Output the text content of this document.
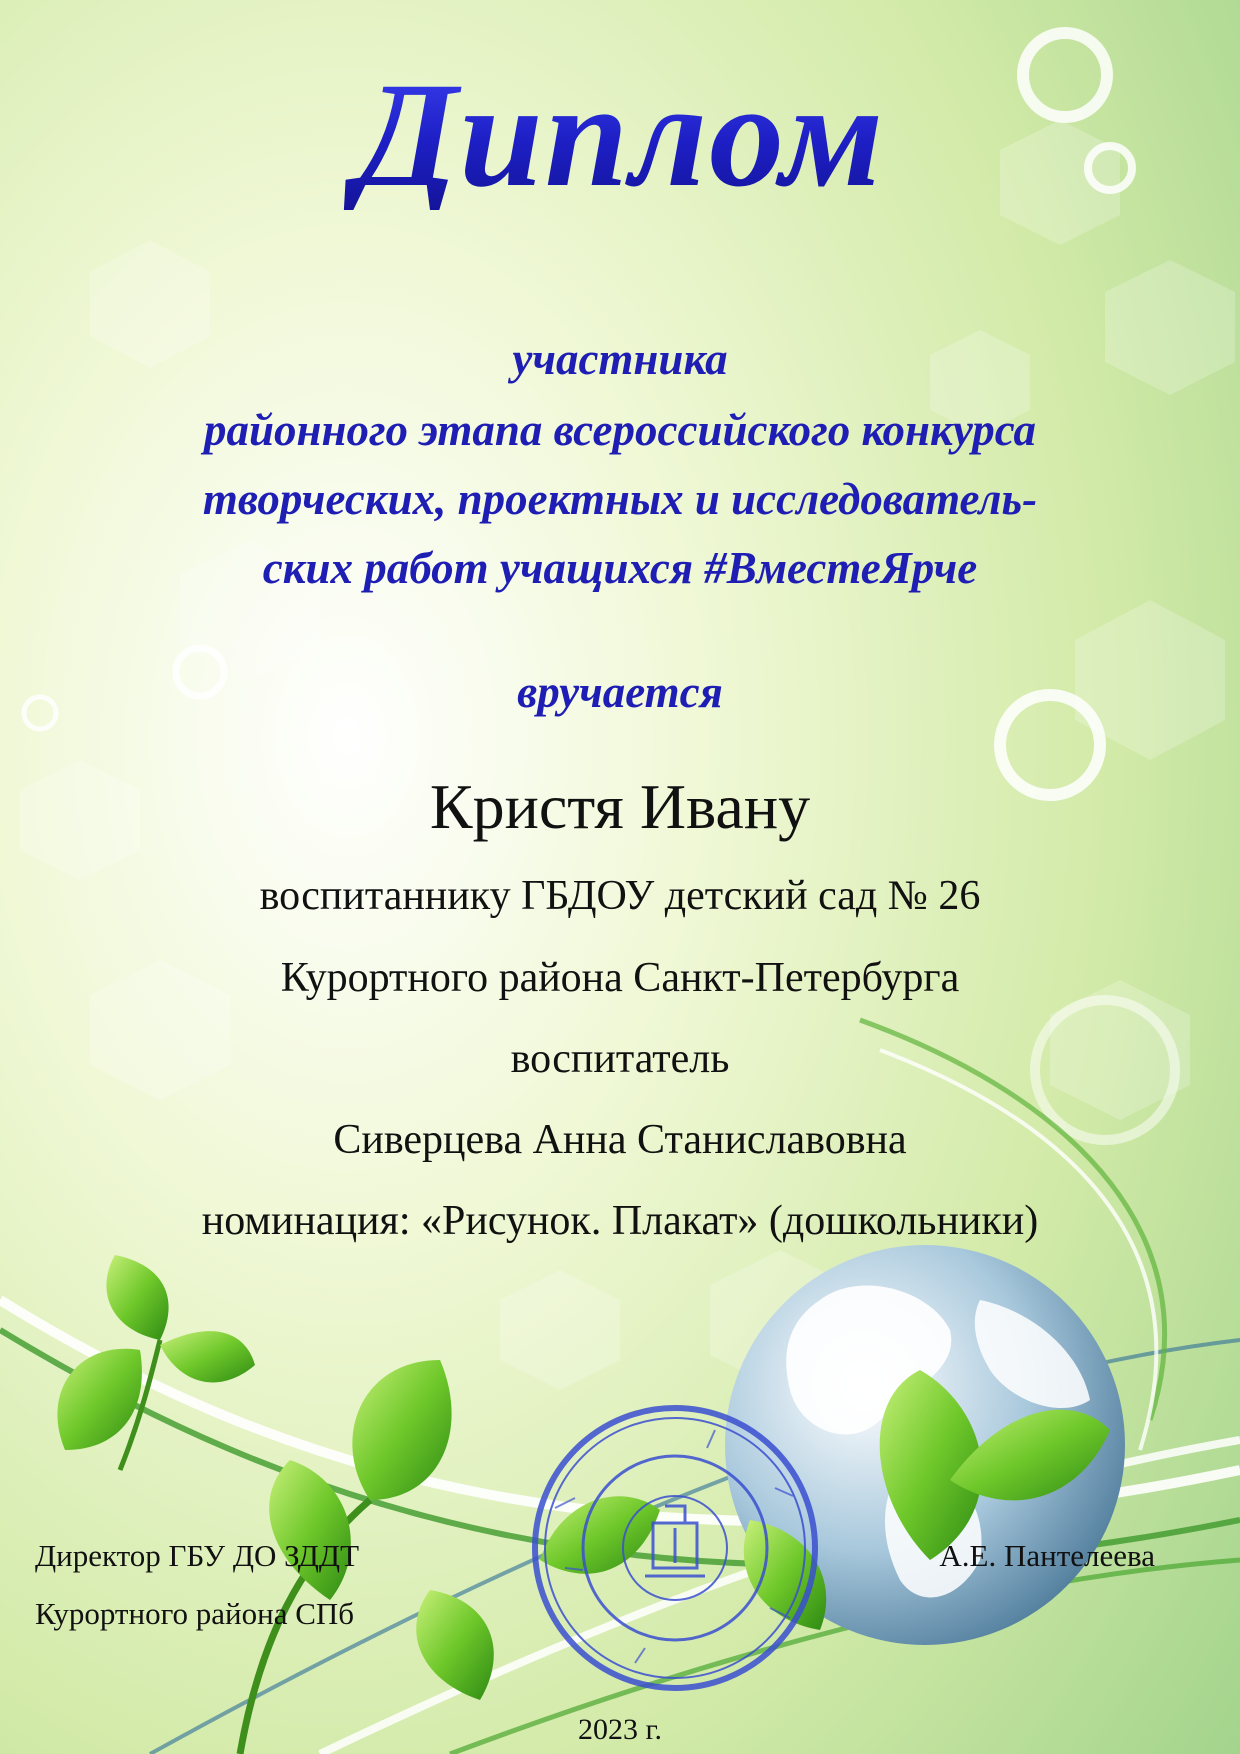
Диплом
участника
районного этапа всероссийского конкурса
творческих, проектных и исследователь-
ских работ учащихся #ВместеЯрче
вручается
Кристя Ивану
воспитаннику ГБДОУ детский сад № 26
Курортного района Санкт-Петербурга
воспитатель
Сиверцева Анна Станиславовна
номинация: «Рисунок. Плакат» (дошкольники)
Директор ГБУ ДО ЗДДТ
Курортного района СПб
А.Е. Пантелеева
2023 г.
